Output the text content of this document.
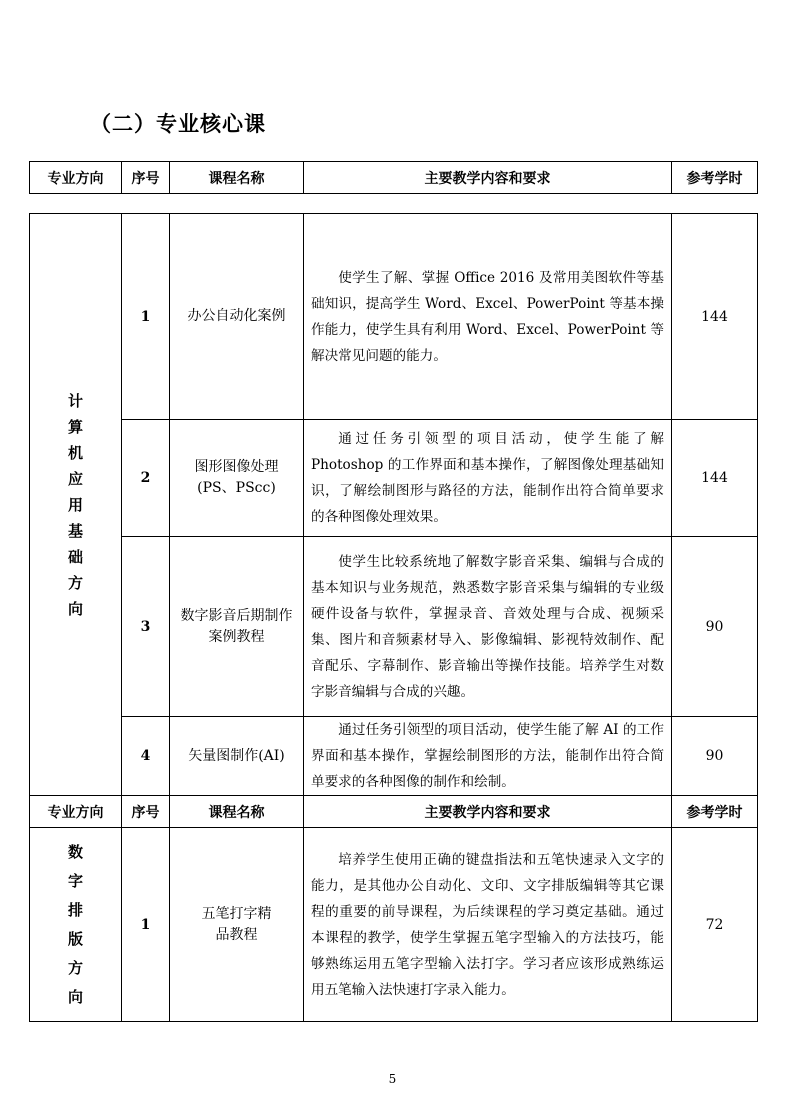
（二）专业核心课
专业方向	序号	课程名称	主要教学内容和要求	参考学时
计算机应用基础方向	1	办公自动化案例	使学生了解、掌握 Office 2016 及常用美图软件等基础知识，提高学生 Word、Excel、PowerPoint 等基本操作能力，使学生具有利用 Word、Excel、PowerPoint 等解决常见问题的能力。	144
	2	图形图像处理(PS、PScc)	通过任务引领型的项目活动，使学生能了解 Photoshop 的工作界面和基本操作，了解图像处理基础知识，了解绘制图形与路径的方法，能制作出符合简单要求的各种图像处理效果。	144
	3	数字影音后期制作案例教程	使学生比较系统地了解数字影音采集、编辑与合成的基本知识与业务规范，熟悉数字影音采集与编辑的专业级硬件设备与软件，掌握录音、音效处理与合成、视频采集、图片和音频素材导入、影像编辑、影视特效制作、配音配乐、字幕制作、影音输出等操作技能。培养学生对数字影音编辑与合成的兴趣。	90
	4	矢量图制作(AI)	通过任务引领型的项目活动，使学生能了解 AI 的工作界面和基本操作，掌握绘制图形的方法，能制作出符合简单要求的各种图像的制作和绘制。	90
专业方向	序号	课程名称	主要教学内容和要求	参考学时
数字排版方向	1	五笔打字精品教程	培养学生使用正确的键盘指法和五笔快速录入文字的能力，是其他办公自动化、文印、文字排版编辑等其它课程的重要的前导课程，为后续课程的学习奠定基础。通过本课程的教学，使学生掌握五笔字型输入的方法技巧，能够熟练运用五笔字型输入法打字。学习者应该形成熟练运用五笔输入法快速打字录入能力。	72
5
